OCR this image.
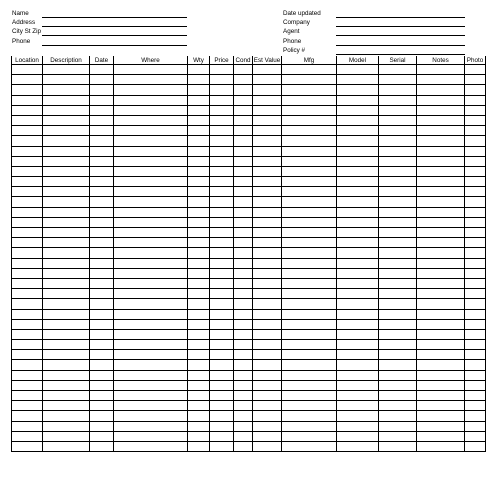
Name
Address
City St Zip
Phone
Date updated
Company
Agent
Phone
Policy #
Location	Description	Date	Where	Wty	Price	Cond	Est Value	Mfg	Model	Serial	Notes	Photo
